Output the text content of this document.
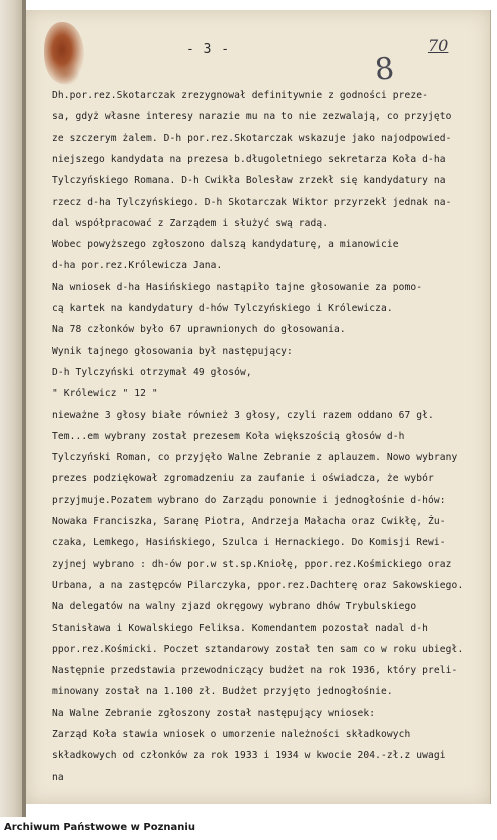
- 3 -
8
70
Dh.por.rez.Skotarczak zrezygnował definitywnie z godności preze-
sa, gdyż własne interesy narazie mu na to nie zezwalają, co przyjęto
ze szczerym żalem. D-h por.rez.Skotarczak wskazuje jako najodpowied-
niejszego kandydata na prezesa b.długoletniego sekretarza Koła d-ha
Tylczyńskiego Romana. D-h Cwikła Bolesław zrzekł się kandydatury na
rzecz d-ha Tylczyńskiego. D-h Skotarczak Wiktor przyrzekł jednak na-
dal współpracować z Zarządem i służyć swą radą.
Wobec powyższego zgłoszono dalszą kandydaturę, a mianowicie
d-ha por.rez.Królewicza Jana.
Na wniosek d-ha Hasińskiego nastąpiło tajne głosowanie za pomo-
cą kartek na kandydatury d-hów Tylczyńskiego i Królewicza.
Na 78 członków było 67 uprawnionych do głosowania.
Wynik tajnego głosowania był następujący:
D-h Tylczyński otrzymał 49 głosów,
" Królewicz " 12 "
nieważne 3 głosy białe również 3 głosy, czyli razem oddano 67 gł.
Tem...em wybrany został prezesem Koła większością głosów d-h
Tylczyński Roman, co przyjęło Walne Zebranie z aplauzem. Nowo wybrany
prezes podziękował zgromadzeniu za zaufanie i oświadcza, że wybór
przyjmuje.Pozatem wybrano do Zarządu ponownie i jednogłośnie d-hów:
Nowaka Franciszka, Saranę Piotra, Andrzeja Małacha oraz Cwikłę, Żu-
czaka, Lemkego, Hasińskiego, Szulca i Hernackiego. Do Komisji Rewi-
zyjnej wybrano : dh-ów por.w st.sp.Kniołę, ppor.rez.Kośmickiego oraz
Urbana, a na zastępców Pilarczyka, ppor.rez.Dachterę oraz Sakowskiego.
Na delegatów na walny zjazd okręgowy wybrano dhów Trybulskiego
Stanisława i Kowalskiego Feliksa. Komendantem pozostał nadal d-h
ppor.rez.Kośmicki. Poczet sztandarowy został ten sam co w roku ubiegł.
Następnie przedstawia przewodniczący budżet na rok 1936, który preli-
minowany został na 1.100 zł. Budżet przyjęto jednogłośnie.
Na Walne Zebranie zgłoszony został następujący wniosek:
Zarząd Koła stawia wniosek o umorzenie należności składkowych
składkowych od członków za rok 1933 i 1934 w kwocie 204.-zł.z uwagi
na
Archiwum Państwowe w Poznaniu
